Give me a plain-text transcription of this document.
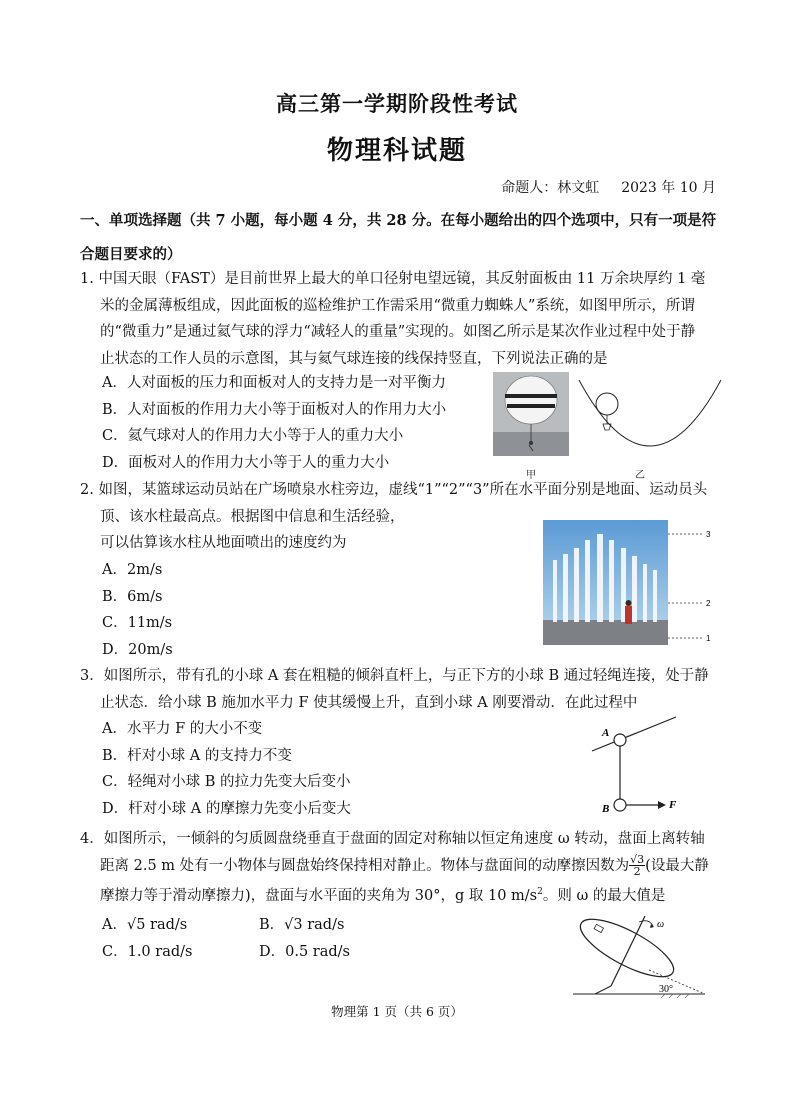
高三第一学期阶段性考试
物理科试题
命题人：林文虹 2023 年 10 月
一、单项选择题（共 7 小题，每小题 4 分，共 28 分。在每小题给出的四个选项中，只有一项是符合题目要求的）
1. 中国天眼（FAST）是目前世界上最大的单口径射电望远镜，其反射面板由 11 万余块厚约 1 毫
米的金属薄板组成，因此面板的巡检维护工作需采用“微重力蜘蛛人”系统，如图甲所示，所谓
的“微重力”是通过氦气球的浮力“减轻人的重量”实现的。如图乙所示是某次作业过程中处于静
止状态的工作人员的示意图，其与氦气球连接的线保持竖直，下列说法正确的是
A．人对面板的压力和面板对人的支持力是一对平衡力
B．人对面板的作用力大小等于面板对人的作用力大小
C．氦气球对人的作用力大小等于人的重力大小
D．面板对人的作用力大小等于人的重力大小
甲	乙
2. 如图，某篮球运动员站在广场喷泉水柱旁边，虚线“1”“2”“3”所在水平面分别是地面、运动员头
顶、该水柱最高点。根据图中信息和生活经验，
可以估算该水柱从地面喷出的速度约为
A．2m/s
B．6m/s
C．11m/s
D．20m/s
3
2
1
3．如图所示，带有孔的小球 A 套在粗糙的倾斜直杆上，与正下方的小球 B 通过轻绳连接，处于静
止状态．给小球 B 施加水平力 F 使其缓慢上升，直到小球 A 刚要滑动．在此过程中
A．水平力 F 的大小不变
B．杆对小球 A 的支持力不变
C．轻绳对小球 B 的拉力先变大后变小
D．杆对小球 A 的摩擦力先变小后变大
A
B	F
4．如图所示，一倾斜的匀质圆盘绕垂直于盘面的固定对称轴以恒定角速度 ω 转动，盘面上离转轴
距离 2.5 m 处有一小物体与圆盘始终保持相对静止。物体与盘面间的动摩擦因数为 $\frac{√3}{2}$ (设最大静
摩擦力等于滑动摩擦力)，盘面与水平面的夹角为 30°，g 取 10 $m/s^2$。则 ω 的最大值是
A．√5 rad/s	B．√3 rad/s
C．1.0 rad/s	D．0.5 rad/s
ω
30°
物理第 1 页（共 6 页）
